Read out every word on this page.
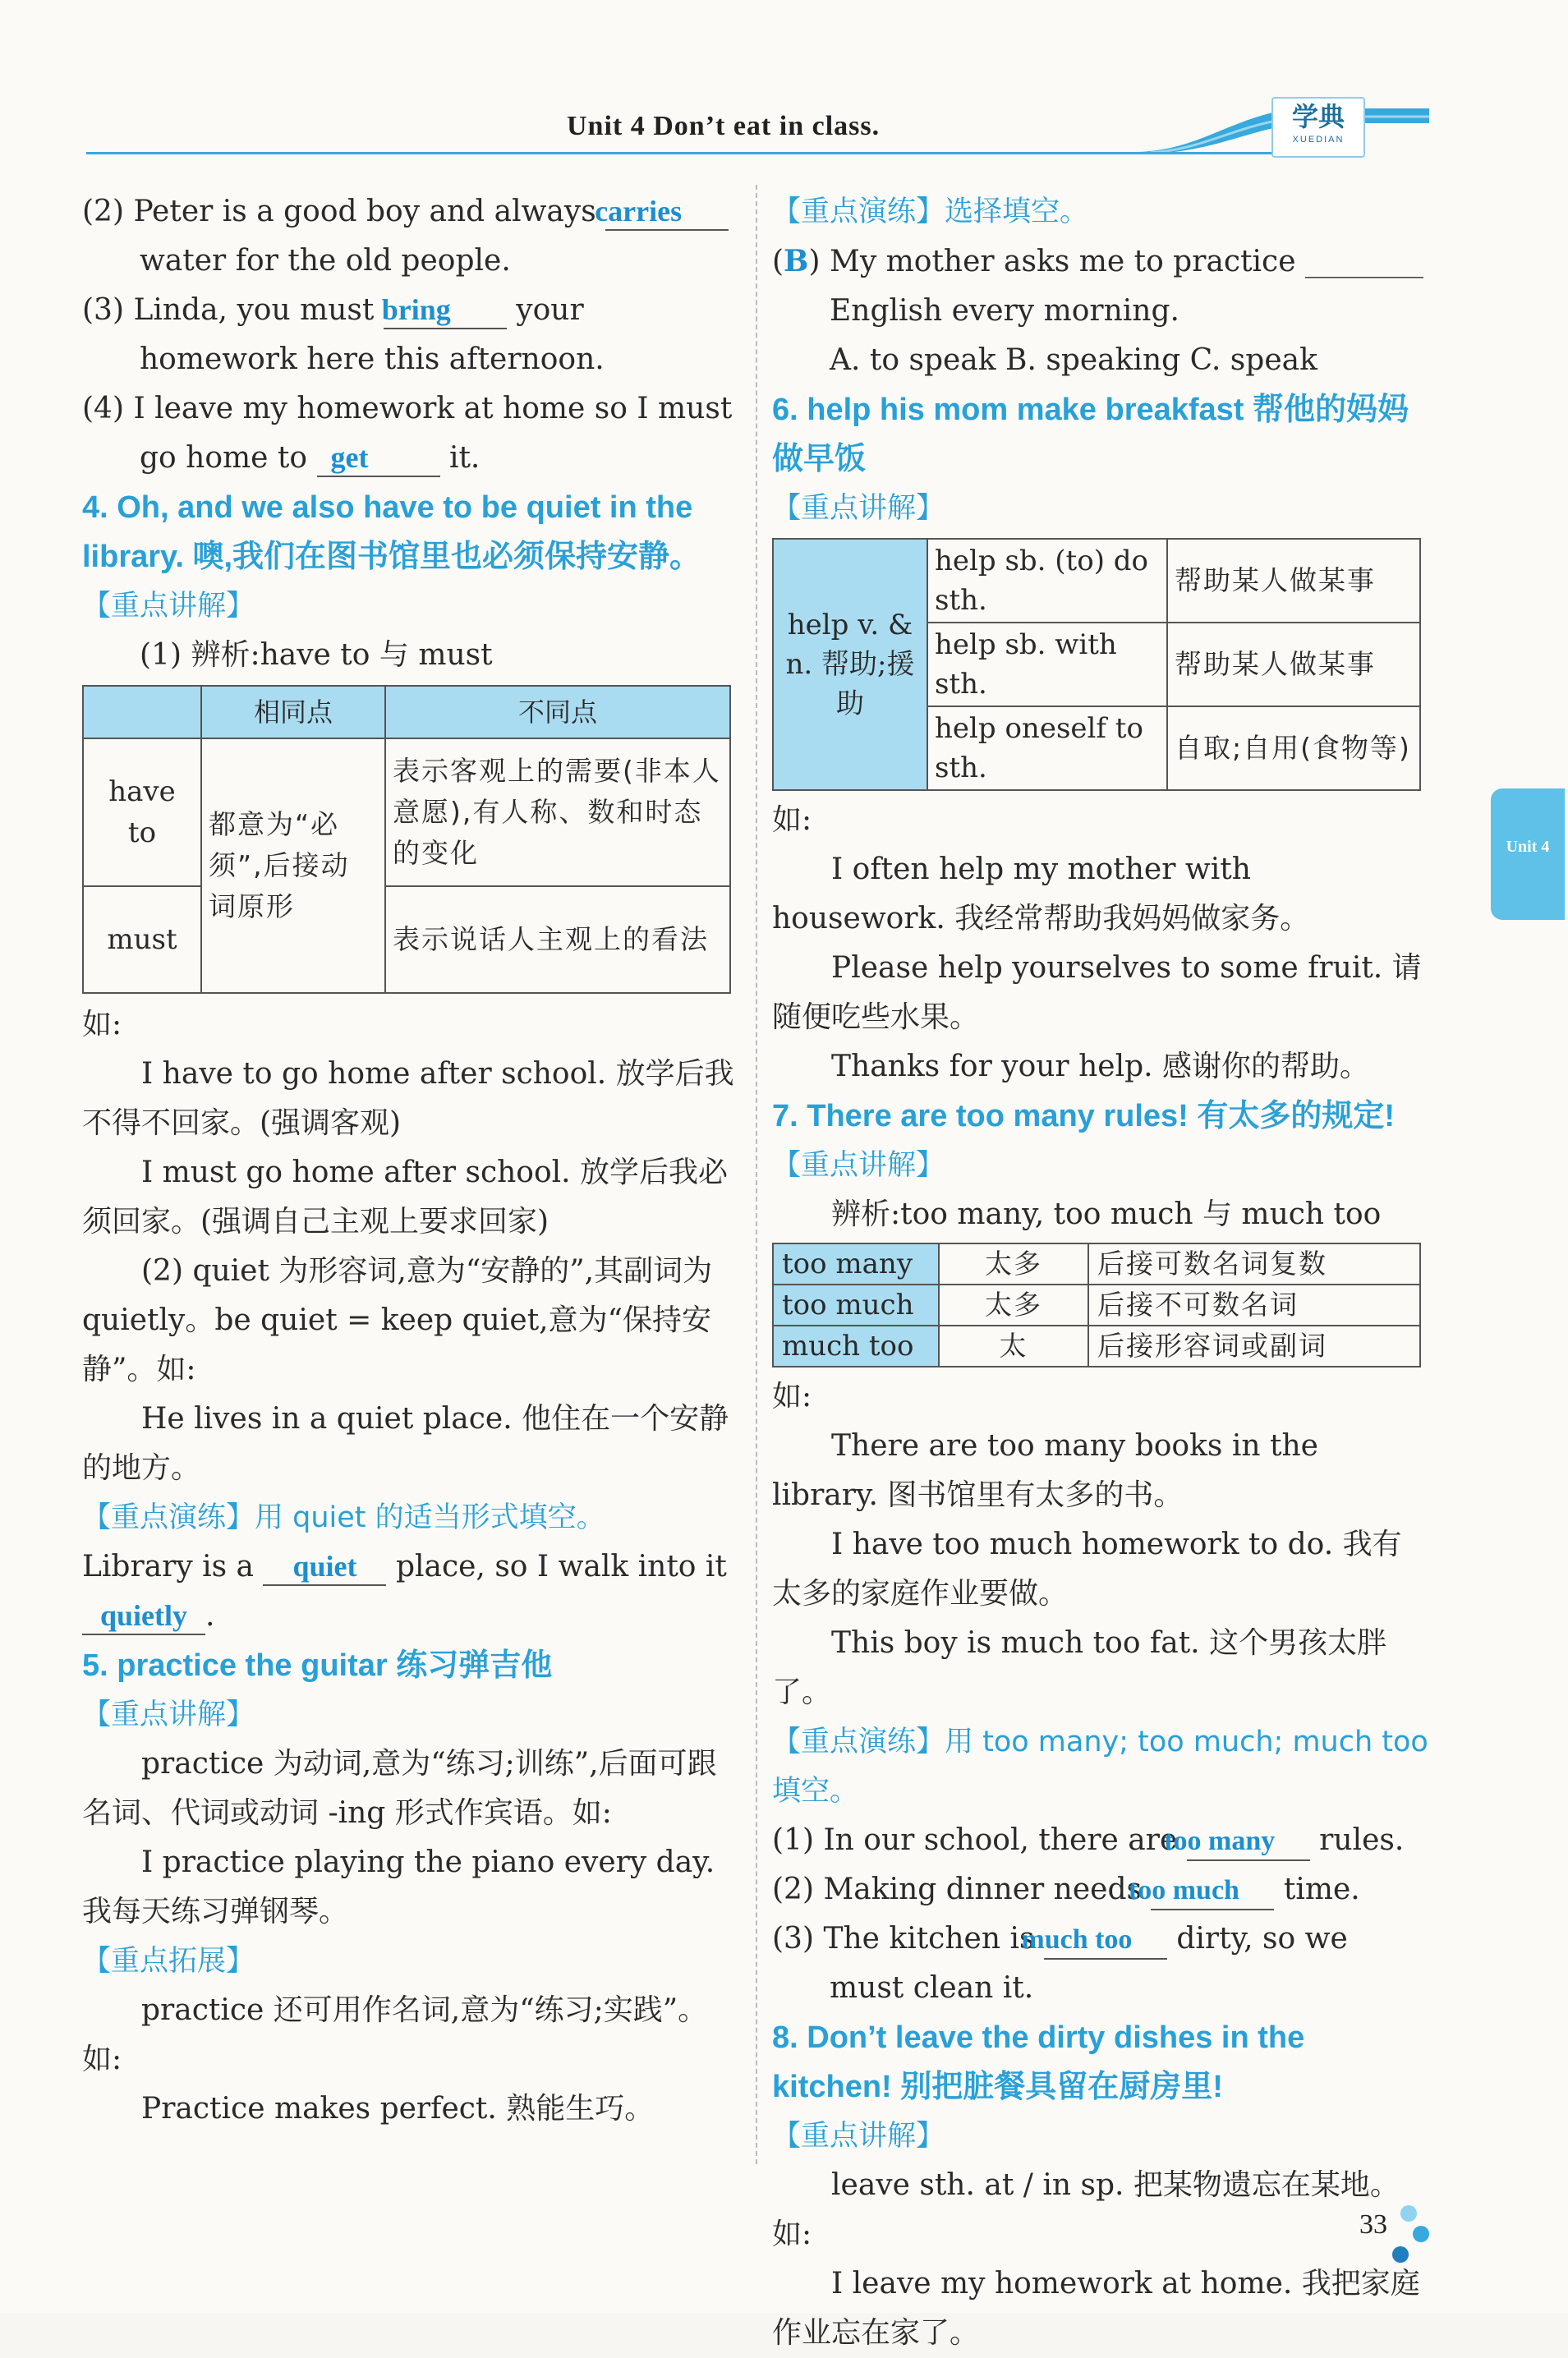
Unit 4 Don’t eat in class.	学典
XUEDIAN

(2) Peter is a good boy and always carries water for the old people.

(3) Linda, you must bring your homework here this afternoon.

(4) I leave my homework at home so I must go home to get	it.

4. Oh, and we also have to be quiet in the library. 噢,我们在图书馆里也必须保持安静。

【重点讲解】

(1) 辨析:have to 与 must

	相同点	不同点
have to	都意为“必须”,后接动词原形	表示客观上的需要(非本人意愿),有人称、数和时态的变化
must		表示说话人主观上的看法

如:

I have to go home after school. 放学后我不得不回家。(强调客观)

I must go home after school. 放学后我必须回家。(强调自己主观上要求回家)

(2) quiet 为形容词,意为“安静的”,其副词为 quietly。be quiet = keep quiet,意为“保持安静”。如:

He lives in a quiet place. 他住在一个安静的地方。

【重点演练】用 quiet 的适当形式填空。

Library is a quiet place, so I walk into it quietly .

5. practice the guitar 练习弹吉他

【重点讲解】

practice 为动词,意为“练习;训练”,后面可跟名词、代词或动词 -ing 形式作宾语。如:

I practice playing the piano every day. 我每天练习弹钢琴。

【重点拓展】

practice 还可用作名词,意为“练习;实践”。如:

Practice makes perfect. 熟能生巧。

【重点演练】选择填空。

(B) My mother asks me to practice ________ English every morning.

A. to speak B. speaking C. speak

6. help his mom make breakfast 帮他的妈妈做早饭

【重点讲解】

help v. & n. 帮助;援助	help sb. (to) do sth.	帮助某人做某事
	help sb. with sth.	帮助某人做某事
	help oneself to sth.	自取;自用(食物等)

如:

I often help my mother with housework. 我经常帮助我妈妈做家务。

Please help yourselves to some fruit. 请随便吃些水果。

Thanks for your help. 感谢你的帮助。

7. There are too many rules! 有太多的规定!

【重点讲解】

辨析:too many, too much 与 much too

too many	太多	后接可数名词复数
too much	太多	后接不可数名词
much too	太	后接形容词或副词

如:

There are too many books in the library. 图书馆里有太多的书。

I have too much homework to do. 我有太多的家庭作业要做。

This boy is much too fat. 这个男孩太胖了。

【重点演练】用 too many; too much; much too 填空。

(1) In our school, there are too many rules.

(2) Making dinner needs too much time.

(3) The kitchen is much too dirty, so we must clean it.

8. Don’t leave the dirty dishes in the kitchen! 别把脏餐具留在厨房里!

【重点讲解】

leave sth. at / in sp. 把某物遗忘在某地。

如:

I leave my homework at home. 我把家庭作业忘在家了。

Unit 4
33
